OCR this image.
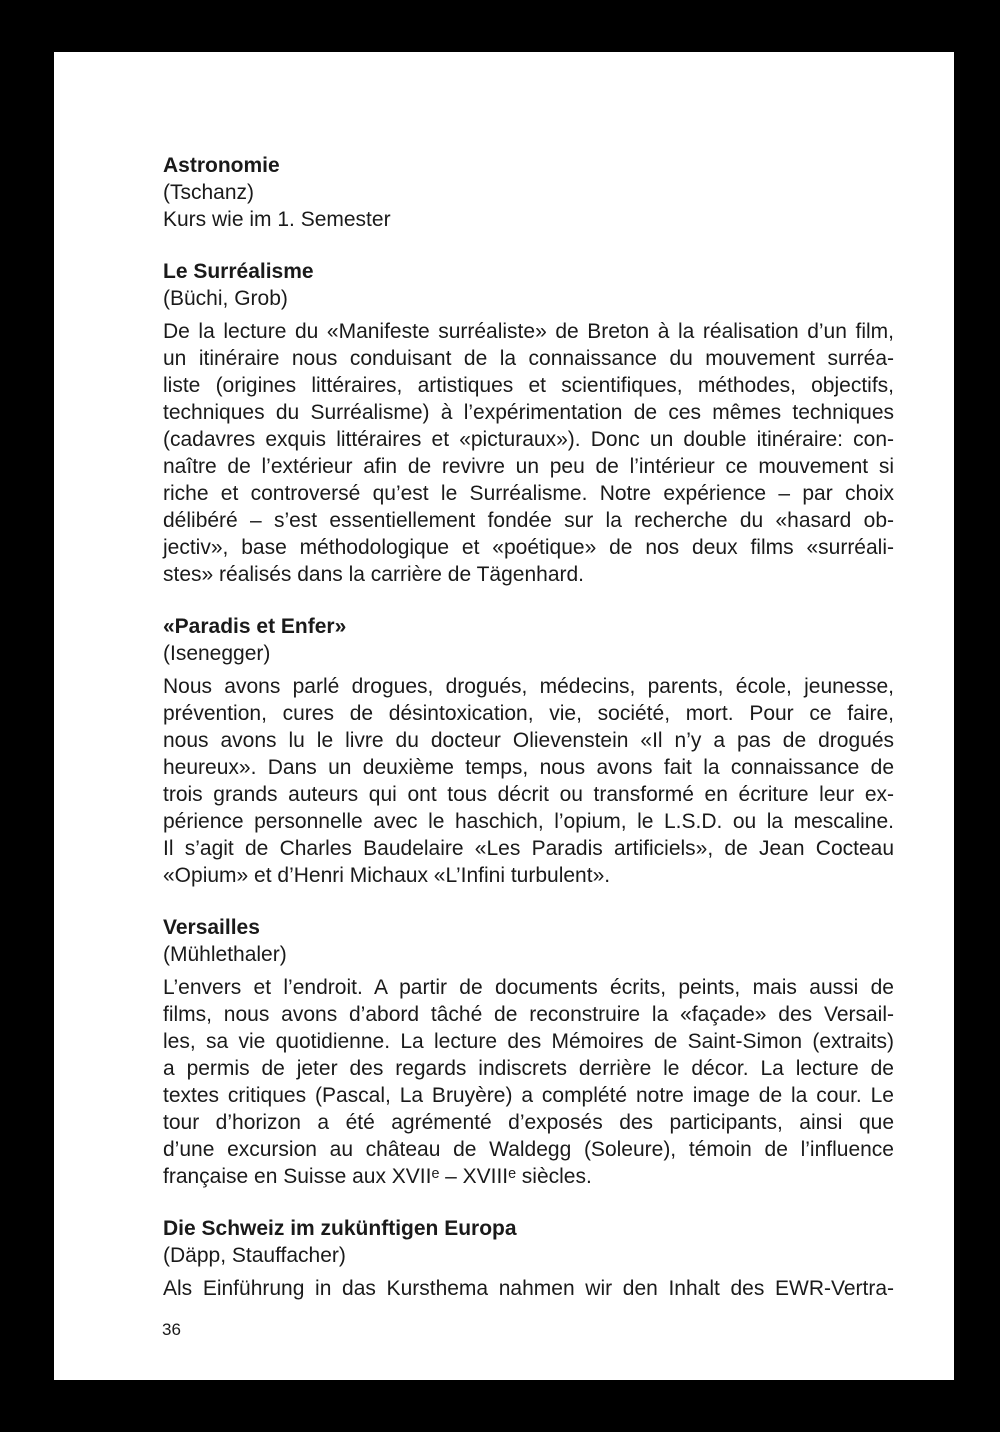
Astronomie

(Tschanz)

Kurs wie im 1. Semester

Le Surréalisme

(Büchi, Grob)

De la lecture du «Manifeste surréaliste» de Breton à la réalisation d’un film,
un itinéraire nous conduisant de la connaissance du mouvement surréa-
liste (origines littéraires, artistiques et scientifiques, méthodes, objectifs,
techniques du Surréalisme) à l’expérimentation de ces mêmes techniques
(cadavres exquis littéraires et «picturaux»). Donc un double itinéraire: con-
naître de l’extérieur afin de revivre un peu de l’intérieur ce mouvement si
riche et controversé qu’est le Surréalisme. Notre expérience – par choix
délibéré – s’est essentiellement fondée sur la recherche du «hasard ob-
jectiv», base méthodologique et «poétique» de nos deux films «surréali-
stes» réalisés dans la carrière de Tägenhard.

«Paradis et Enfer»

(Isenegger)

Nous avons parlé drogues, drogués, médecins, parents, école, jeunesse,
prévention, cures de désintoxication, vie, société, mort. Pour ce faire,
nous avons lu le livre du docteur Olievenstein «Il n’y a pas de drogués
heureux». Dans un deuxième temps, nous avons fait la connaissance de
trois grands auteurs qui ont tous décrit ou transformé en écriture leur ex-
périence personnelle avec le haschich, l’opium, le L.S.D. ou la mescaline.
Il s’agit de Charles Baudelaire «Les Paradis artificiels», de Jean Cocteau
«Opium» et d’Henri Michaux «L’Infini turbulent».

Versailles

(Mühlethaler)

L’envers et l’endroit. A partir de documents écrits, peints, mais aussi de
films, nous avons d’abord tâché de reconstruire la «façade» des Versail-
les, sa vie quotidienne. La lecture des Mémoires de Saint-Simon (extraits)
a permis de jeter des regards indiscrets derrière le décor. La lecture de
textes critiques (Pascal, La Bruyère) a complété notre image de la cour. Le
tour d’horizon a été agrémenté d’exposés des participants, ainsi que
d’une excursion au château de Waldegg (Soleure), témoin de l’influence
française en Suisse aux XVIIᵉ – XVIIIᵉ siècles.

Die Schweiz im zukünftigen Europa

(Däpp, Stauffacher)

Als Einführung in das Kursthema nahmen wir den Inhalt des EWR-Vertra-
36
